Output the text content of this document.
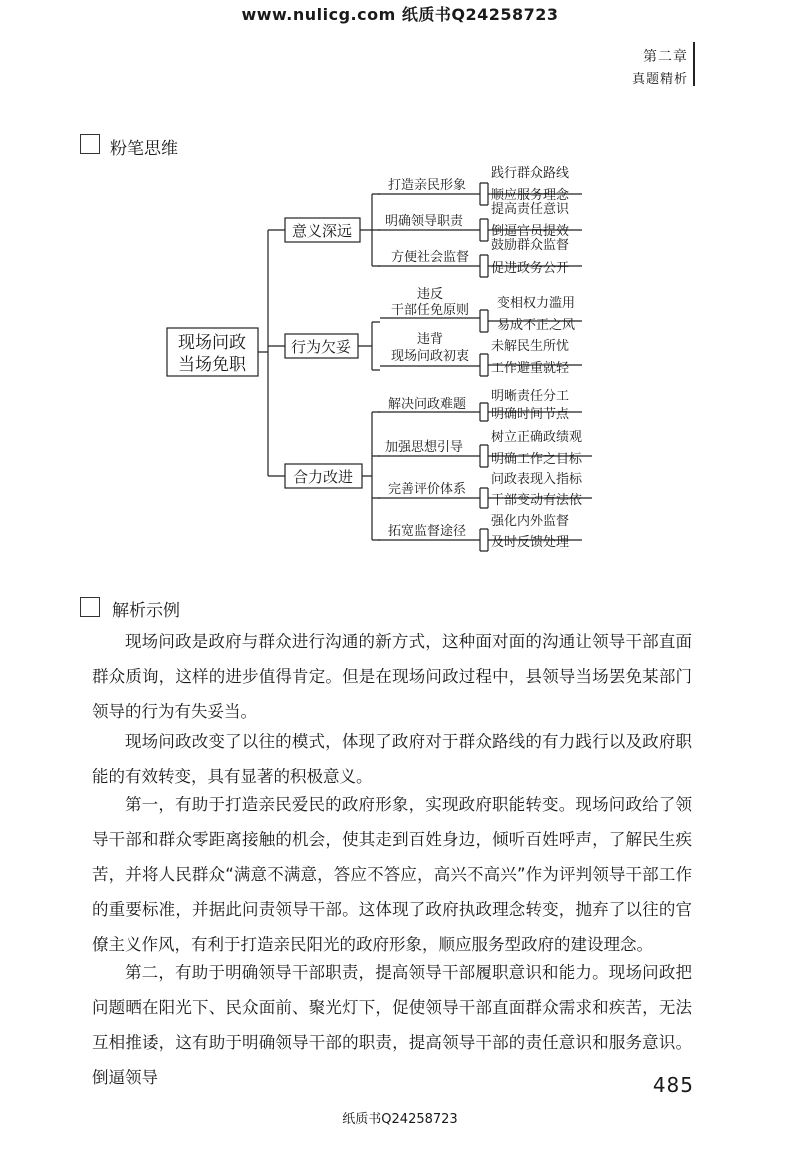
www.nulicg.com 纸质书Q24258723
第二章
真题精析
粉笔思维
现场问政
当场免职
意义深远
行为欠妥
合力改进
打造亲民形象
明确领导职责
方便社会监督
违反
干部任免原则
违背
现场问政初衷
解决问政难题
加强思想引导
完善评价体系
拓宽监督途径
践行群众路线
顺应服务理念
提高责任意识
倒逼官员提效
鼓励群众监督
促进政务公开
变相权力滥用
易成不正之风
未解民生所忧
工作避重就轻
明晰责任分工
明确时间节点
树立正确政绩观
明确工作之目标
问政表现入指标
干部变动有法依
强化内外监督
及时反馈处理
解析示例

现场问政是政府与群众进行沟通的新方式，这种面对面的沟通让领导干部直面群众质询，这样的进步值得肯定。但是在现场问政过程中，县领导当场罢免某部门领导的行为有失妥当。

现场问政改变了以往的模式，体现了政府对于群众路线的有力践行以及政府职能的有效转变，具有显著的积极意义。

第一，有助于打造亲民爱民的政府形象，实现政府职能转变。现场问政给了领导干部和群众零距离接触的机会，使其走到百姓身边，倾听百姓呼声，了解民生疾苦，并将人民群众“满意不满意，答应不答应，高兴不高兴”作为评判领导干部工作的重要标准，并据此问责领导干部。这体现了政府执政理念转变，抛弃了以往的官僚主义作风，有利于打造亲民阳光的政府形象，顺应服务型政府的建设理念。

第二，有助于明确领导干部职责，提高领导干部履职意识和能力。现场问政把问题晒在阳光下、民众面前、聚光灯下，促使领导干部直面群众需求和疾苦，无法互相推诿，这有助于明确领导干部的职责，提高领导干部的责任意识和服务意识。倒逼领导	485
纸质书Q24258723
